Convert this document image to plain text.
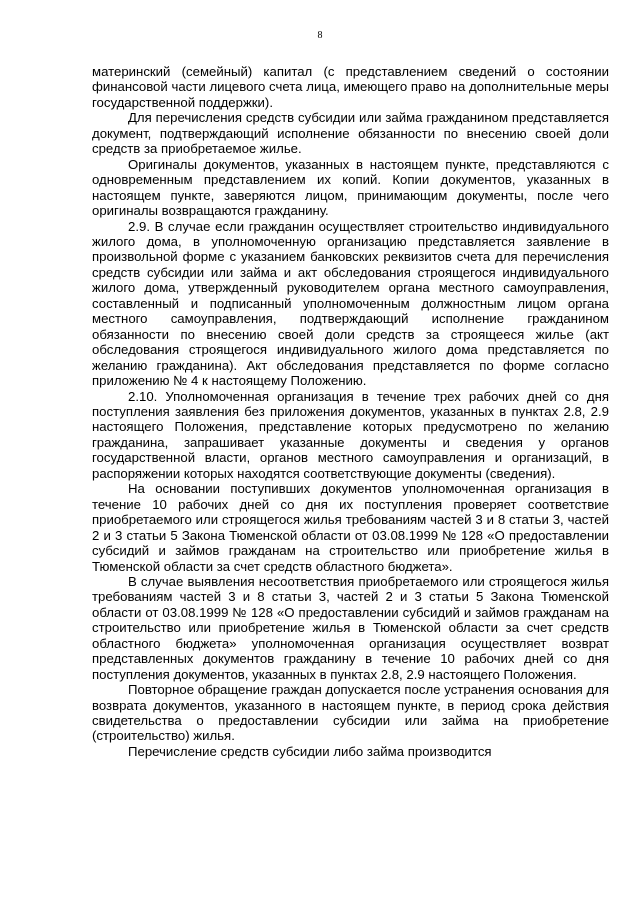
8

материнский (семейный) капитал (с представлением сведений о состоянии финансовой части лицевого счета лица, имеющего право на дополнительные меры государственной поддержки).

Для перечисления средств субсидии или займа гражданином представляется документ, подтверждающий исполнение обязанности по внесению своей доли средств за приобретаемое жилье.

Оригиналы документов, указанных в настоящем пункте, представляются с одновременным представлением их копий. Копии документов, указанных в настоящем пункте, заверяются лицом, принимающим документы, после чего оригиналы возвращаются гражданину.

2.9. В случае если гражданин осуществляет строительство индивидуального жилого дома, в уполномоченную организацию представляется заявление в произвольной форме с указанием банковских реквизитов счета для перечисления средств субсидии или займа и акт обследования строящегося индивидуального жилого дома, утвержденный руководителем органа местного самоуправления, составленный и подписанный уполномоченным должностным лицом органа местного самоуправления, подтверждающий исполнение гражданином обязанности по внесению своей доли средств за строящееся жилье (акт обследования строящегося индивидуального жилого дома представляется по желанию гражданина). Акт обследования представляется по форме согласно приложению № 4 к настоящему Положению.

2.10. Уполномоченная организация в течение трех рабочих дней со дня поступления заявления без приложения документов, указанных в пунктах 2.8, 2.9 настоящего Положения, представление которых предусмотрено по желанию гражданина, запрашивает указанные документы и сведения у органов государственной власти, органов местного самоуправления и организаций, в распоряжении которых находятся соответствующие документы (сведения).

На основании поступивших документов уполномоченная организация в течение 10 рабочих дней со дня их поступления проверяет соответствие приобретаемого или строящегося жилья требованиям частей 3 и 8 статьи 3, частей 2 и 3 статьи 5 Закона Тюменской области от 03.08.1999 № 128 «О предоставлении субсидий и займов гражданам на строительство или приобретение жилья в Тюменской области за счет средств областного бюджета».

В случае выявления несоответствия приобретаемого или строящегося жилья требованиям частей 3 и 8 статьи 3, частей 2 и 3 статьи 5 Закона Тюменской области от 03.08.1999 № 128 «О предоставлении субсидий и займов гражданам на строительство или приобретение жилья в Тюменской области за счет средств областного бюджета» уполномоченная организация осуществляет возврат представленных документов гражданину в течение 10 рабочих дней со дня поступления документов, указанных в пунктах 2.8, 2.9 настоящего Положения.

Повторное обращение граждан допускается после устранения основания для возврата документов, указанного в настоящем пункте, в период срока действия свидетельства о предоставлении субсидии или займа на приобретение (строительство) жилья.

Перечисление средств субсидии либо займа производится
